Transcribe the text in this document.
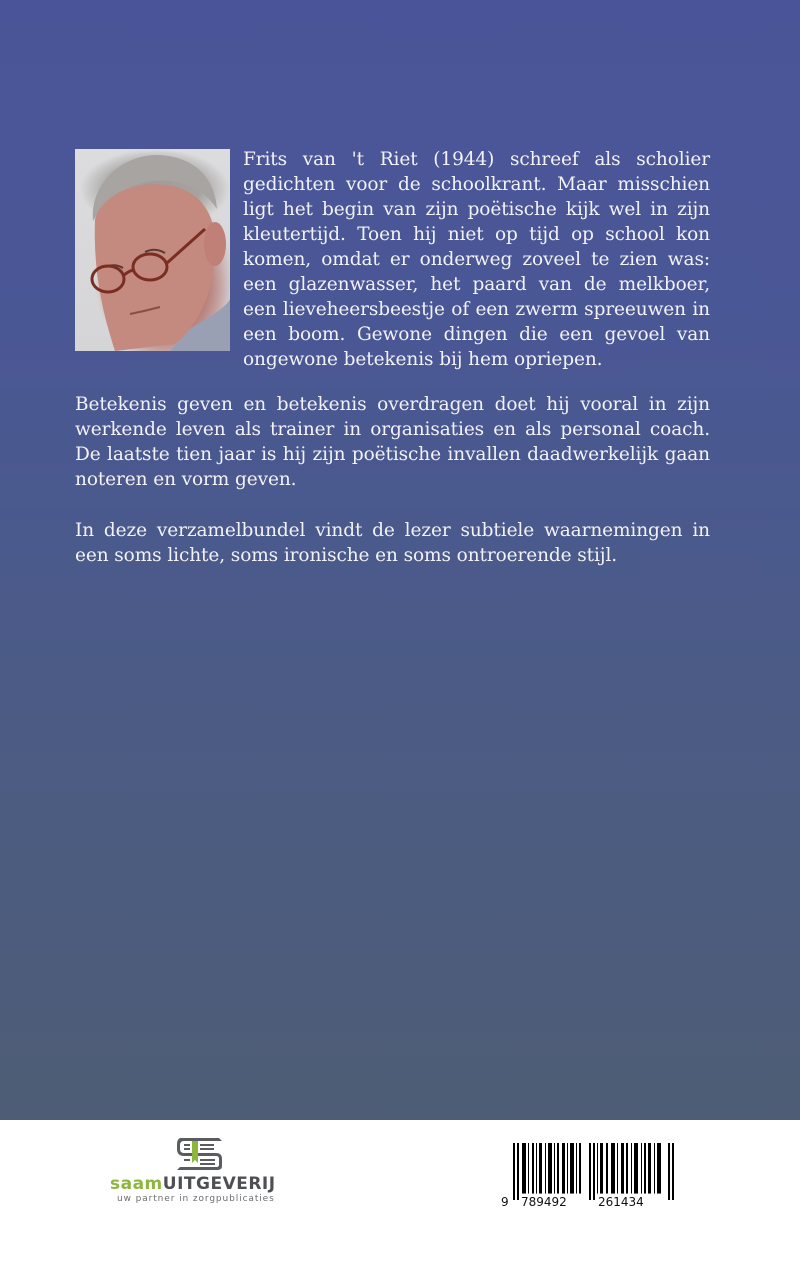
Frits van 't Riet (1944) schreef als scholier gedichten voor de schoolkrant. Maar misschien ligt het begin van zijn poëtische kijk wel in zijn kleutertijd. Toen hij niet op tijd op school kon komen, omdat er onderweg zoveel te zien was: een glazenwasser, het paard van de melkboer, een lieveheersbeestje of een zwerm spreeuwen in een boom. Gewone dingen die een gevoel van ongewone betekenis bij hem opriepen.

Betekenis geven en betekenis overdragen doet hij vooral in zijn werkende leven als trainer in organisaties en als personal coach. De laatste tien jaar is hij zijn poëtische invallen daadwerkelijk gaan noteren en vorm geven.

In deze verzamelbundel vindt de lezer subtiele waarnemingen in een soms lichte, soms ironische en soms ontroerende stijl.

saamUITGEVERIJ
uw partner in zorgpublicaties	9 789492	261434
